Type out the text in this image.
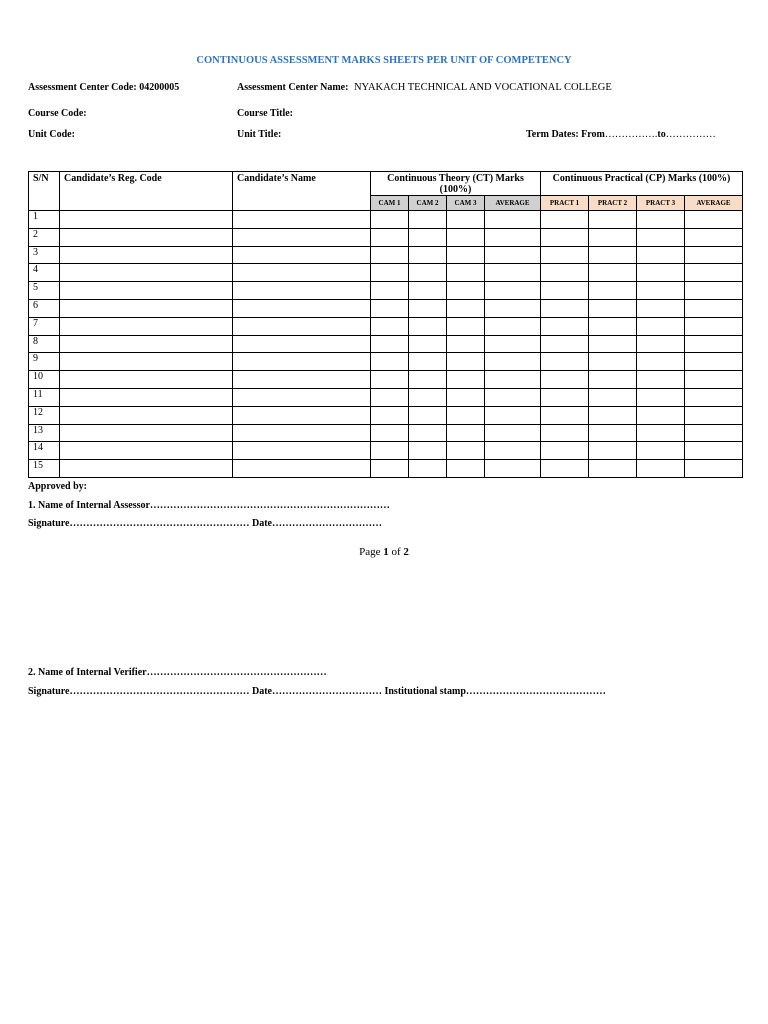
CONTINUOUS ASSESSMENT MARKS SHEETS PER UNIT OF COMPETENCY
Assessment Center Code: 04200005	Assessment Center Name: NYAKACH TECHNICAL AND VOCATIONAL COLLEGE
Course Code:	Course Title:
Unit Code:	Unit Title:	Term Dates: From…………….to……………
S/N	Candidate’s Reg. Code	Candidate’s Name	Continuous Theory (CT) Marks (100%)				Continuous Practical (CP) Marks (100%)			
			CAM 1	CAM 2	CAM 3	AVERAGE	PRACT 1	PRACT 2	PRACT 3	AVERAGE
1										
2										
3										
4										
5										
6										
7										
8										
9										
10										
11										
12										
13										
14										
15										
Approved by:
1. Name of Internal Assessor………………………………………………………………
Signature……………………………………………… Date……………………………
Page 1 of 2
2. Name of Internal Verifier………………………………………………
Signature……………………………………………… Date…………………………… Institutional stamp……………………………………
